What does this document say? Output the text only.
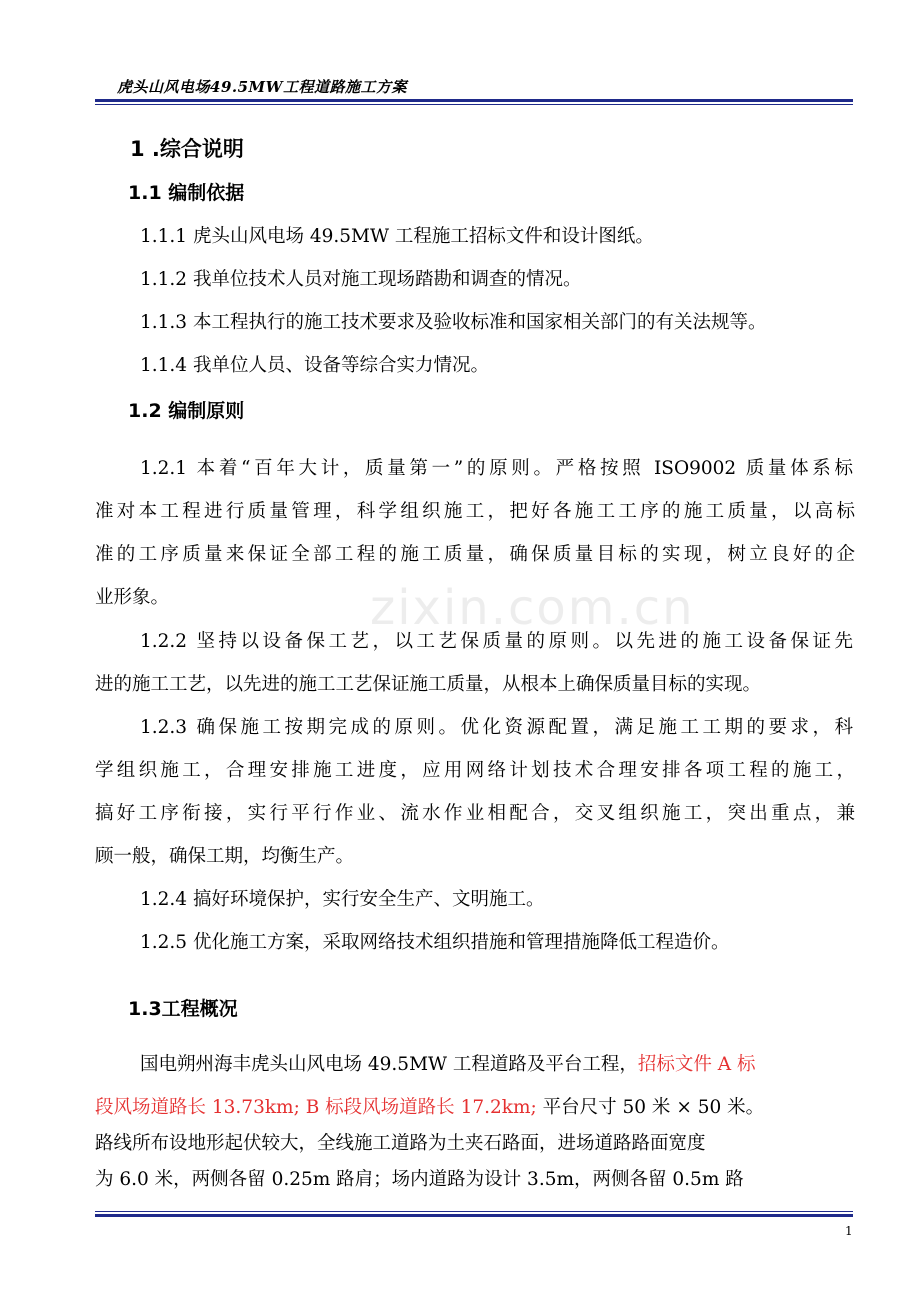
虎头山风电场49.5MW工程道路施工方案
zixin.com.cn
1 .综合说明
1.1 编制依据
1.1.1 虎头山风电场 49.5MW 工程施工招标文件和设计图纸。
1.1.2 我单位技术人员对施工现场踏勘和调查的情况。
1.1.3 本工程执行的施工技术要求及验收标准和国家相关部门的有关法规等。
1.1.4 我单位人员、设备等综合实力情况。
1.2 编制原则
1.2.1 本着“百年大计，质量第一”的原则。严格按照 ISO9002 质量体系标
准对本工程进行质量管理，科学组织施工，把好各施工工序的施工质量，以高标
准的工序质量来保证全部工程的施工质量，确保质量目标的实现，树立良好的企
业形象。
1.2.2 坚持以设备保工艺，以工艺保质量的原则。以先进的施工设备保证先
进的施工工艺，以先进的施工工艺保证施工质量，从根本上确保质量目标的实现。
1.2.3 确保施工按期完成的原则。优化资源配置，满足施工工期的要求，科
学组织施工，合理安排施工进度，应用网络计划技术合理安排各项工程的施工，
搞好工序衔接，实行平行作业、流水作业相配合，交叉组织施工，突出重点，兼
顾一般，确保工期，均衡生产。
1.2.4 搞好环境保护，实行安全生产、文明施工。
1.2.5 优化施工方案，采取网络技术组织措施和管理措施降低工程造价。
1.3工程概况
国电朔州海丰虎头山风电场 49.5MW 工程道路及平台工程，招标文件 A 标
段风场道路长 13.73km; B 标段风场道路长 17.2km; 平台尺寸 50 米 × 50 米。
路线所布设地形起伏较大，全线施工道路为土夹石路面，进场道路路面宽度
为 6.0 米，两侧各留 0.25m 路肩；场内道路为设计 3.5m，两侧各留 0.5m 路
1
